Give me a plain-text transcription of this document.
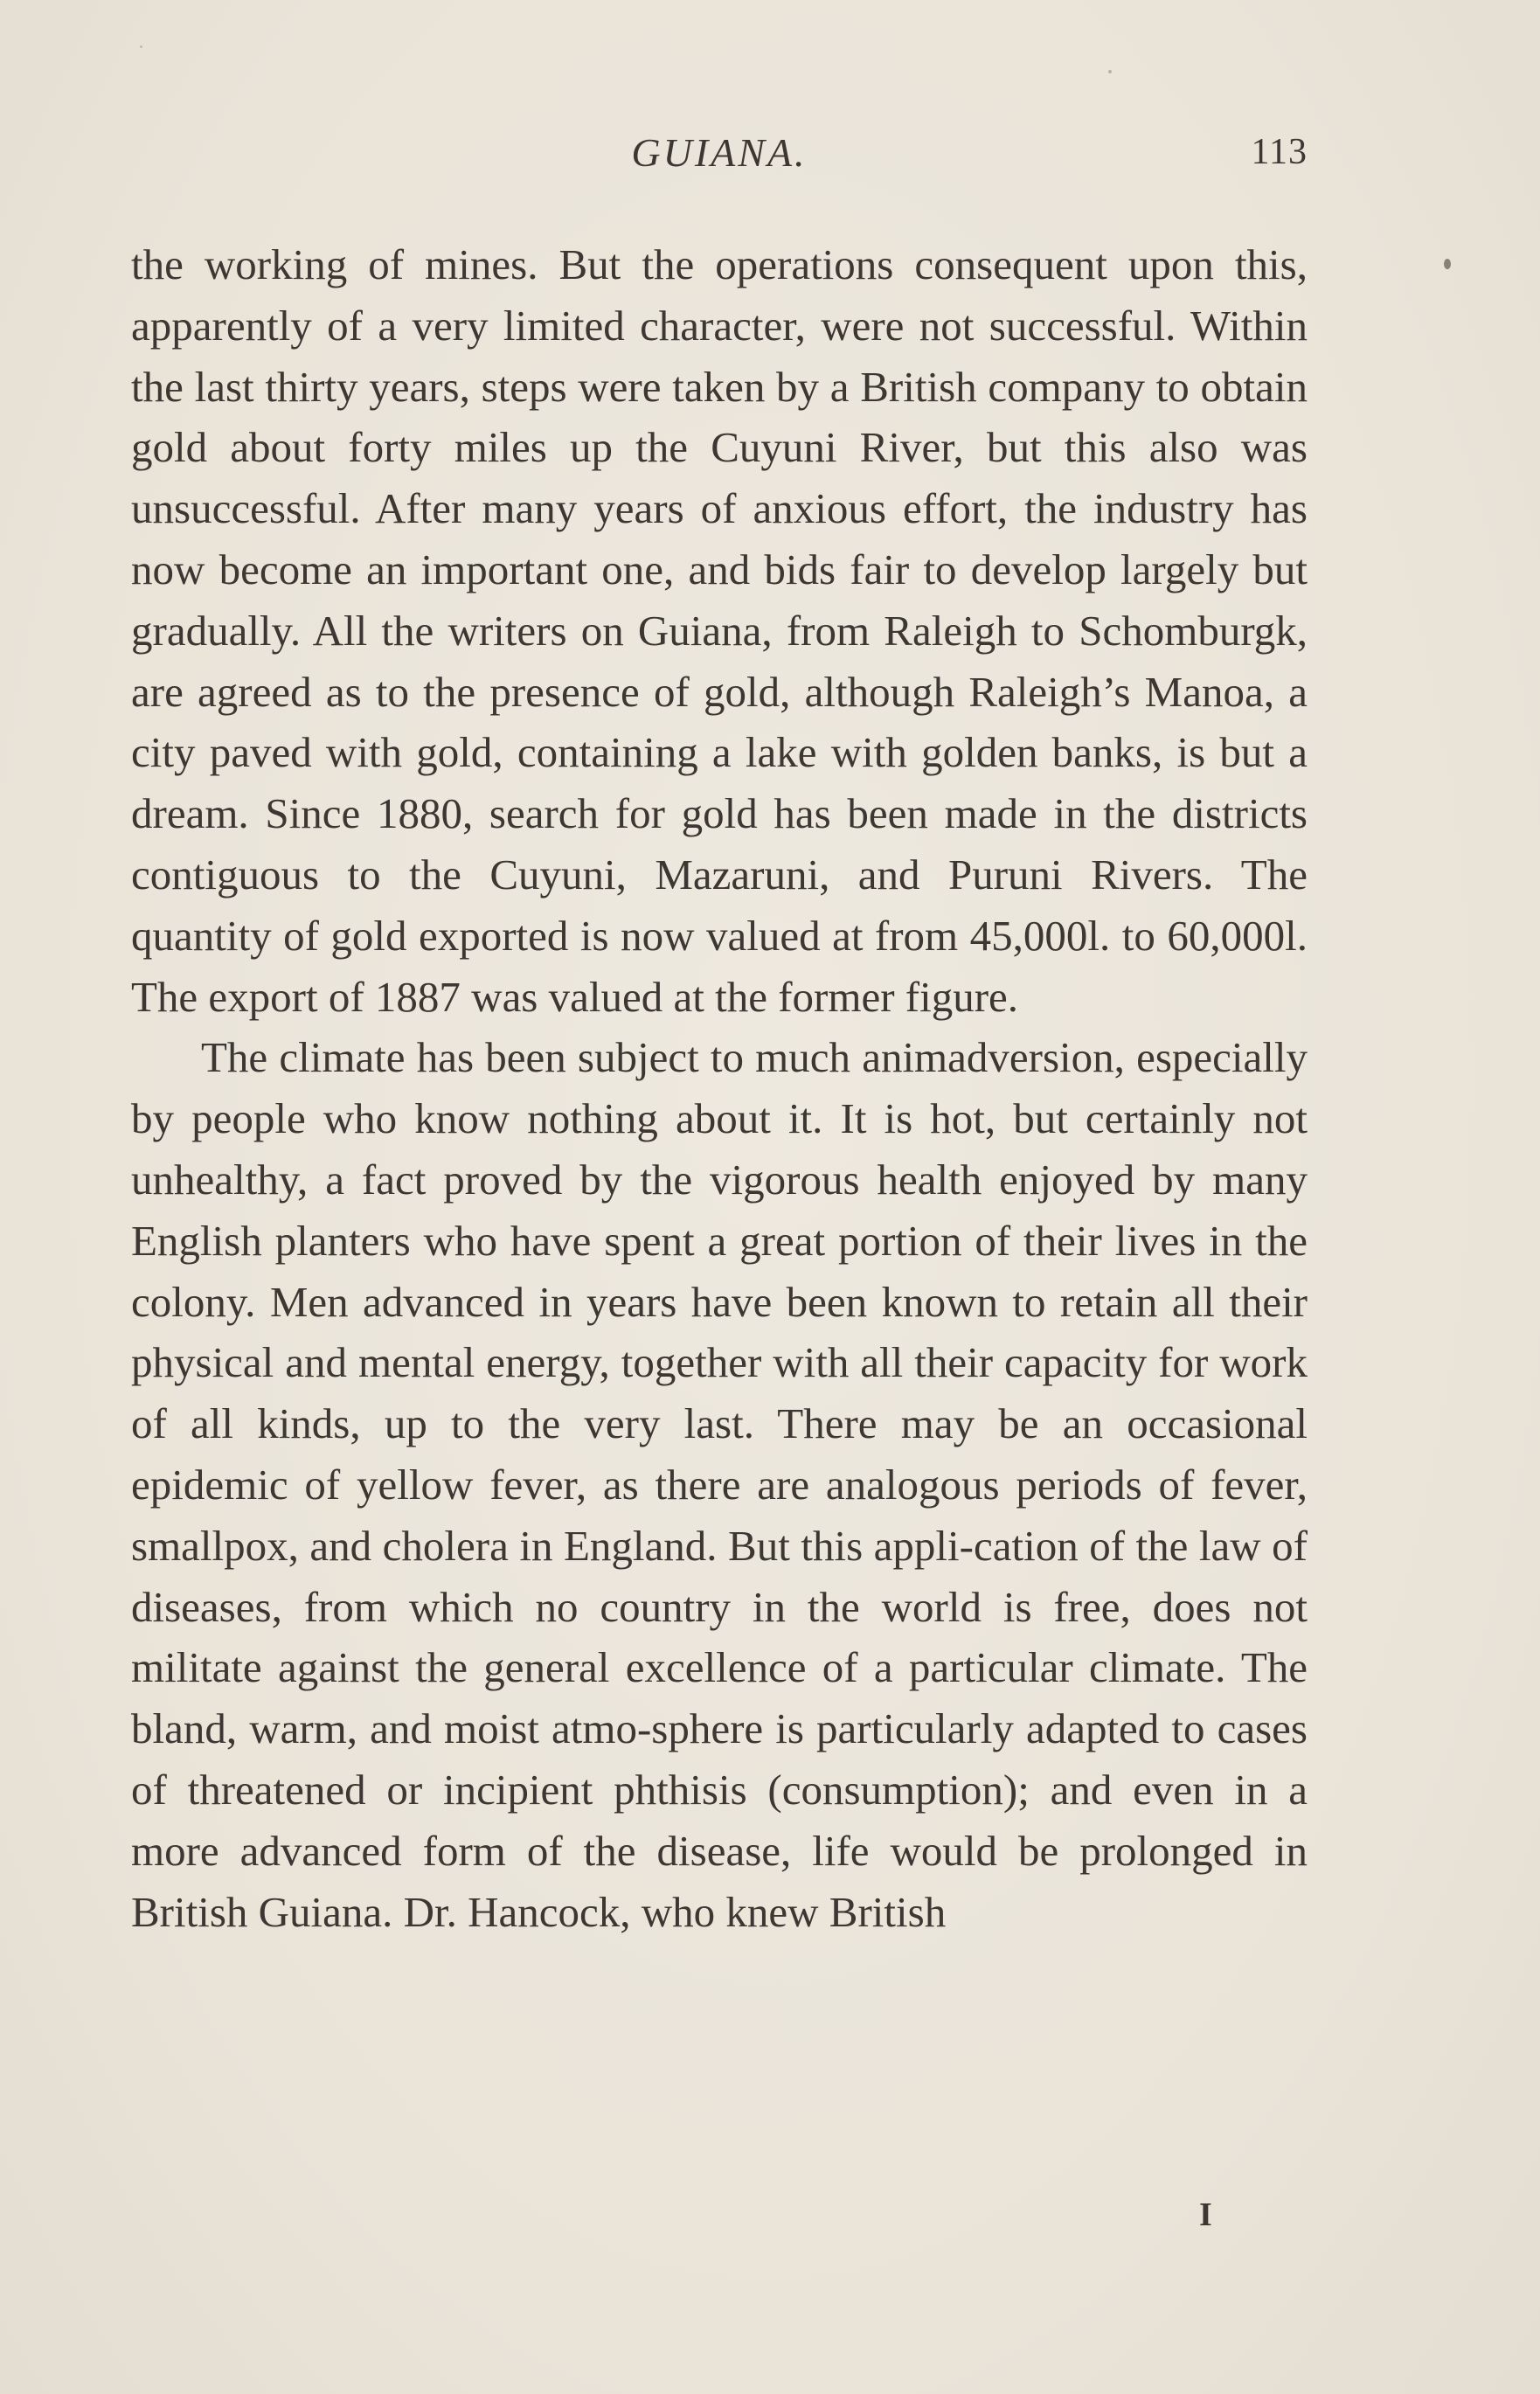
GUIANA.	113

the working of mines. But the operations consequent upon this, apparently of a very limited character, were not successful. Within the last thirty years, steps were taken by a British company to obtain gold about forty miles up the Cuyuni River, but this also was unsuccessful. After many years of anxious effort, the industry has now become an important one, and bids fair to develop largely but gradually. All the writers on Guiana, from Raleigh to Schomburgk, are agreed as to the presence of gold, although Raleigh’s Manoa, a city paved with gold, containing a lake with golden banks, is but a dream. Since 1880, search for gold has been made in the districts contiguous to the Cuyuni, Mazaruni, and Puruni Rivers. The quantity of gold exported is now valued at from 45,000l. to 60,000l. The export of 1887 was valued at the former figure.

The climate has been subject to much animadversion, especially by people who know nothing about it. It is hot, but certainly not unhealthy, a fact proved by the vigorous health enjoyed by many English planters who have spent a great portion of their lives in the colony. Men advanced in years have been known to retain all their physical and mental energy, together with all their capacity for work of all kinds, up to the very last. There may be an occasional epidemic of yellow fever, as there are analogous periods of fever, smallpox, and cholera in England. But this appli-cation of the law of diseases, from which no country in the world is free, does not militate against the general excellence of a particular climate. The bland, warm, and moist atmo-sphere is particularly adapted to cases of threatened or incipient phthisis (consumption); and even in a more advanced form of the disease, life would be prolonged in British Guiana. Dr. Hancock, who knew British

I
